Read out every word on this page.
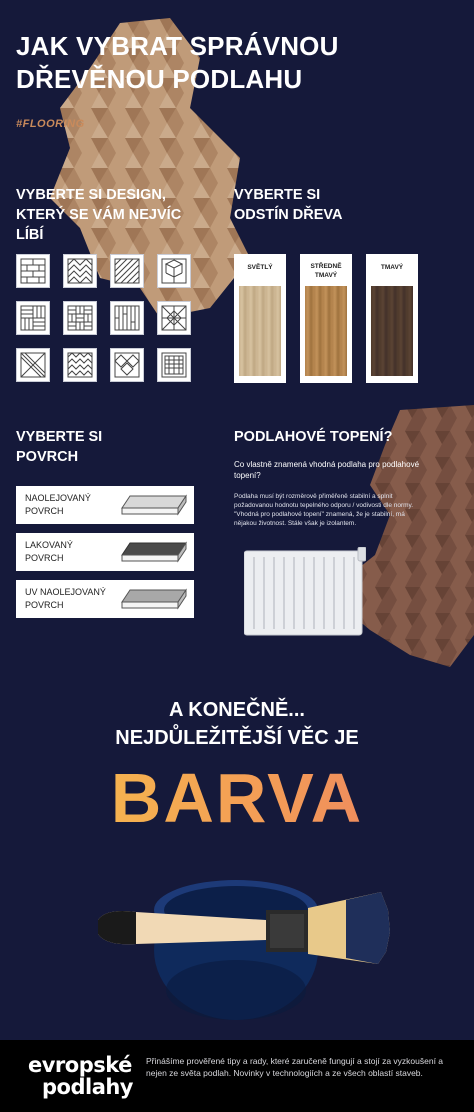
JAK VYBRAT SPRÁVNOU DŘEVĚNOU PODLAHU
#FLOORING
VYBERTE SI DESIGN, KTERÝ SE VÁM NEJVÍC LÍBÍ
VYBERTE SI ODSTÍN DŘEVA
SVĚTLÝ	STŘEDNĚ TMAVÝ
TMAVÝ
VYBERTE SI POVRCH
NAOLEJOVANÝ POVRCH
LAKOVANÝ POVRCH
UV NAOLEJOVANÝ POVRCH
PODLAHOVÉ TOPENÍ?
Co vlastně znamená vhodná podlaha pro podlahové topení?
Podlaha musí být rozměrově přiměřeně stabilní a splnit požadovanou hodnotu tepelného odporu / vodivosti dle normy. "Vhodná pro podlahové topení" znamená, že je stabilní, má nějakou životnost. Stále však je izolantem.
A KONEČNĚ...
NEJDŮLEŽITĚJŠÍ VĚC JE
BARVA
evropské
podlahy
Přinášíme prověřené tipy a rady, které zaručeně fungují a stojí za vyzkoušení a nejen ze světa podlah. Novinky v technologiích a ze všech oblastí staveb.
